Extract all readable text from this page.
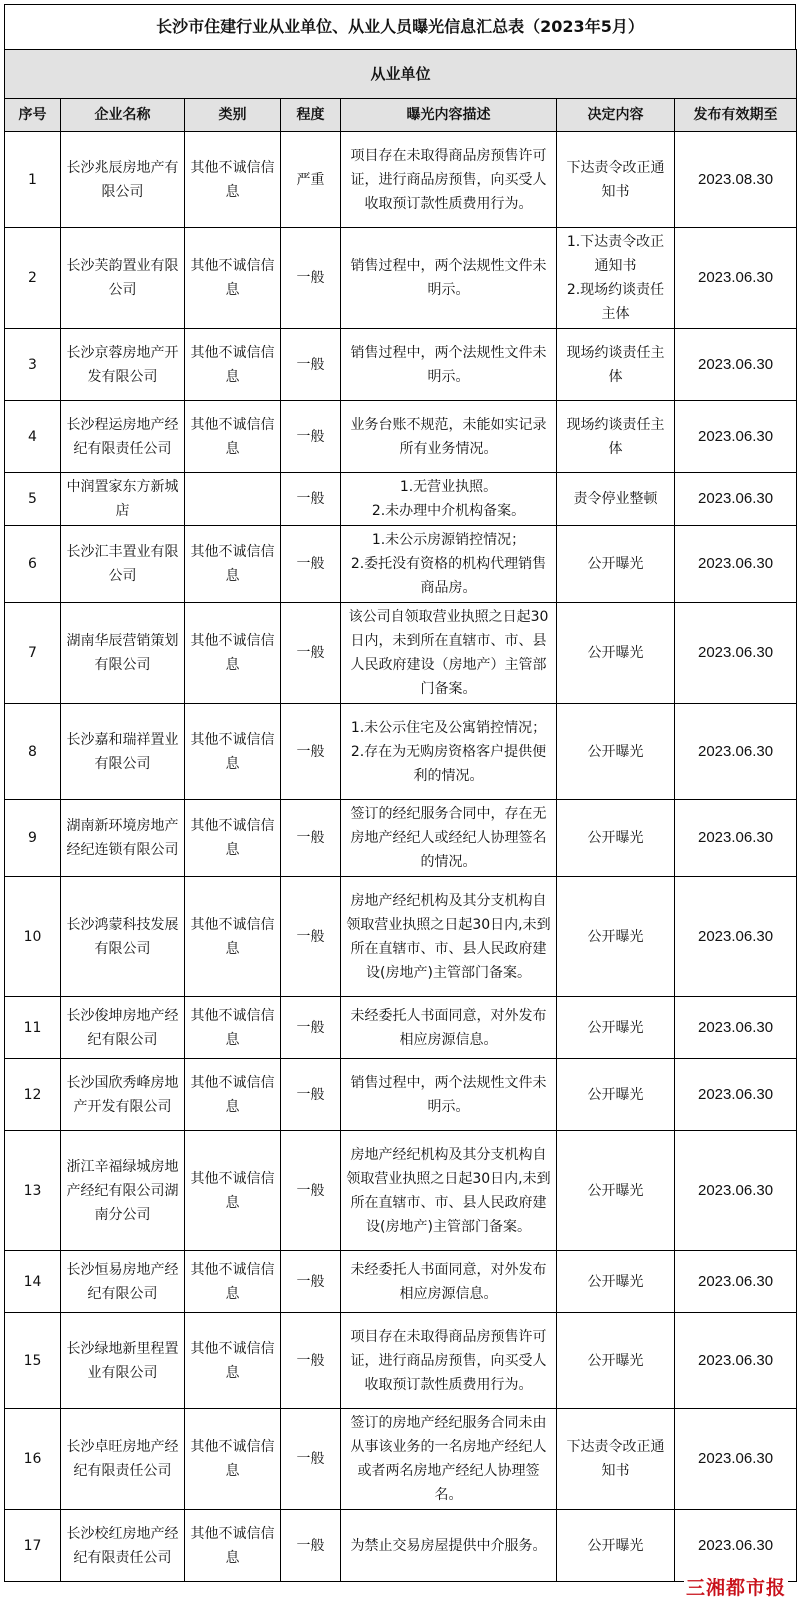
长沙市住建行业从业单位、从业人员曝光信息汇总表（2023年5月）
从业单位						
序号	企业名称	类别	程度	曝光内容描述	决定内容	发布有效期至
1	长沙兆辰房地产有限公司	其他不诚信信息	严重	项目存在未取得商品房预售许可证，进行商品房预售，向买受人收取预订款性质费用行为。	下达责令改正通知书	2023.08.30
2	长沙芙韵置业有限公司	其他不诚信信息	一般	销售过程中，两个法规性文件未明示。	1.下达责令改正通知书
2.现场约谈责任主体	2023.06.30
3	长沙京蓉房地产开发有限公司	其他不诚信信息	一般	销售过程中，两个法规性文件未明示。	现场约谈责任主体	2023.06.30
4	长沙程运房地产经纪有限责任公司	其他不诚信信息	一般	业务台账不规范，未能如实记录所有业务情况。	现场约谈责任主体	2023.06.30
5	中润置家东方新城店		一般	1.无营业执照。
2.未办理中介机构备案。	责令停业整顿	2023.06.30
6	长沙汇丰置业有限公司	其他不诚信信息	一般	1.未公示房源销控情况；
2.委托没有资格的机构代理销售商品房。	公开曝光	2023.06.30
7	湖南华辰营销策划有限公司	其他不诚信信息	一般	该公司自领取营业执照之日起30日内，未到所在直辖市、市、县人民政府建设（房地产）主管部门备案。	公开曝光	2023.06.30
8	长沙嘉和瑞祥置业有限公司	其他不诚信信息	一般	1.未公示住宅及公寓销控情况；
2.存在为无购房资格客户提供便利的情况。	公开曝光	2023.06.30
9	湖南新环境房地产经纪连锁有限公司	其他不诚信信息	一般	签订的经纪服务合同中，存在无房地产经纪人或经纪人协理签名的情况。	公开曝光	2023.06.30
10	长沙鸿蒙科技发展有限公司	其他不诚信信息	一般	房地产经纪机构及其分支机构自领取营业执照之日起30日内,未到所在直辖市、市、县人民政府建设(房地产)主管部门备案。	公开曝光	2023.06.30
11	长沙俊坤房地产经纪有限公司	其他不诚信信息	一般	未经委托人书面同意，对外发布相应房源信息。	公开曝光	2023.06.30
12	长沙国欣秀峰房地产开发有限公司	其他不诚信信息	一般	销售过程中，两个法规性文件未明示。	公开曝光	2023.06.30
13	浙江辛福绿城房地产经纪有限公司湖南分公司	其他不诚信信息	一般	房地产经纪机构及其分支机构自领取营业执照之日起30日内,未到所在直辖市、市、县人民政府建设(房地产)主管部门备案。	公开曝光	2023.06.30
14	长沙恒易房地产经纪有限公司	其他不诚信信息	一般	未经委托人书面同意，对外发布相应房源信息。	公开曝光	2023.06.30
15	长沙绿地新里程置业有限公司	其他不诚信信息	一般	项目存在未取得商品房预售许可证，进行商品房预售，向买受人收取预订款性质费用行为。	公开曝光	2023.06.30
16	长沙卓旺房地产经纪有限责任公司	其他不诚信信息	一般	签订的房地产经纪服务合同未由从事该业务的一名房地产经纪人或者两名房地产经纪人协理签名。	下达责令改正通知书	2023.06.30
17	长沙校红房地产经纪有限责任公司	其他不诚信信息	一般	为禁止交易房屋提供中介服务。	公开曝光	2023.06.30
三湘都市报
